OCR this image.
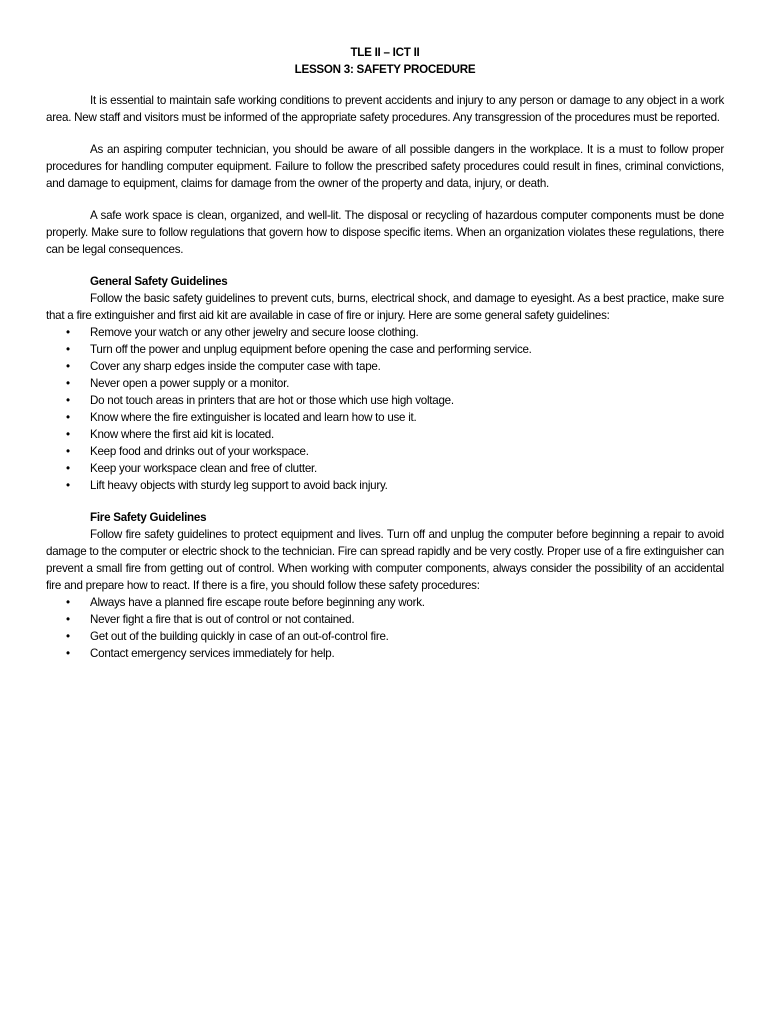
TLE II – ICT II
LESSON 3: SAFETY PROCEDURE

It is essential to maintain safe working conditions to prevent accidents and injury to any person or damage to any object in a work area. New staff and visitors must be informed of the appropriate safety procedures. Any transgression of the procedures must be reported.

As an aspiring computer technician, you should be aware of all possible dangers in the workplace. It is a must to follow proper procedures for handling computer equipment. Failure to follow the prescribed safety procedures could result in fines, criminal convictions, and damage to equipment, claims for damage from the owner of the property and data, injury, or death.

A safe work space is clean, organized, and well-lit. The disposal or recycling of hazardous computer components must be done properly. Make sure to follow regulations that govern how to dispose specific items. When an organization violates these regulations, there can be legal consequences.

General Safety Guidelines

Follow the basic safety guidelines to prevent cuts, burns, electrical shock, and damage to eyesight. As a best practice, make sure that a fire extinguisher and first aid kit are available in case of fire or injury. Here are some general safety guidelines:

• Remove your watch or any other jewelry and secure loose clothing.
• Turn off the power and unplug equipment before opening the case and performing service.
• Cover any sharp edges inside the computer case with tape.
• Never open a power supply or a monitor.
• Do not touch areas in printers that are hot or those which use high voltage.
• Know where the fire extinguisher is located and learn how to use it.
• Know where the first aid kit is located.
• Keep food and drinks out of your workspace.
• Keep your workspace clean and free of clutter.
• Lift heavy objects with sturdy leg support to avoid back injury.
Fire Safety Guidelines

Follow fire safety guidelines to protect equipment and lives. Turn off and unplug the computer before beginning a repair to avoid damage to the computer or electric shock to the technician. Fire can spread rapidly and be very costly. Proper use of a fire extinguisher can prevent a small fire from getting out of control. When working with computer components, always consider the possibility of an accidental fire and prepare how to react. If there is a fire, you should follow these safety procedures:

• Always have a planned fire escape route before beginning any work.
• Never fight a fire that is out of control or not contained.
• Get out of the building quickly in case of an out-of-control fire.
• Contact emergency services immediately for help.
